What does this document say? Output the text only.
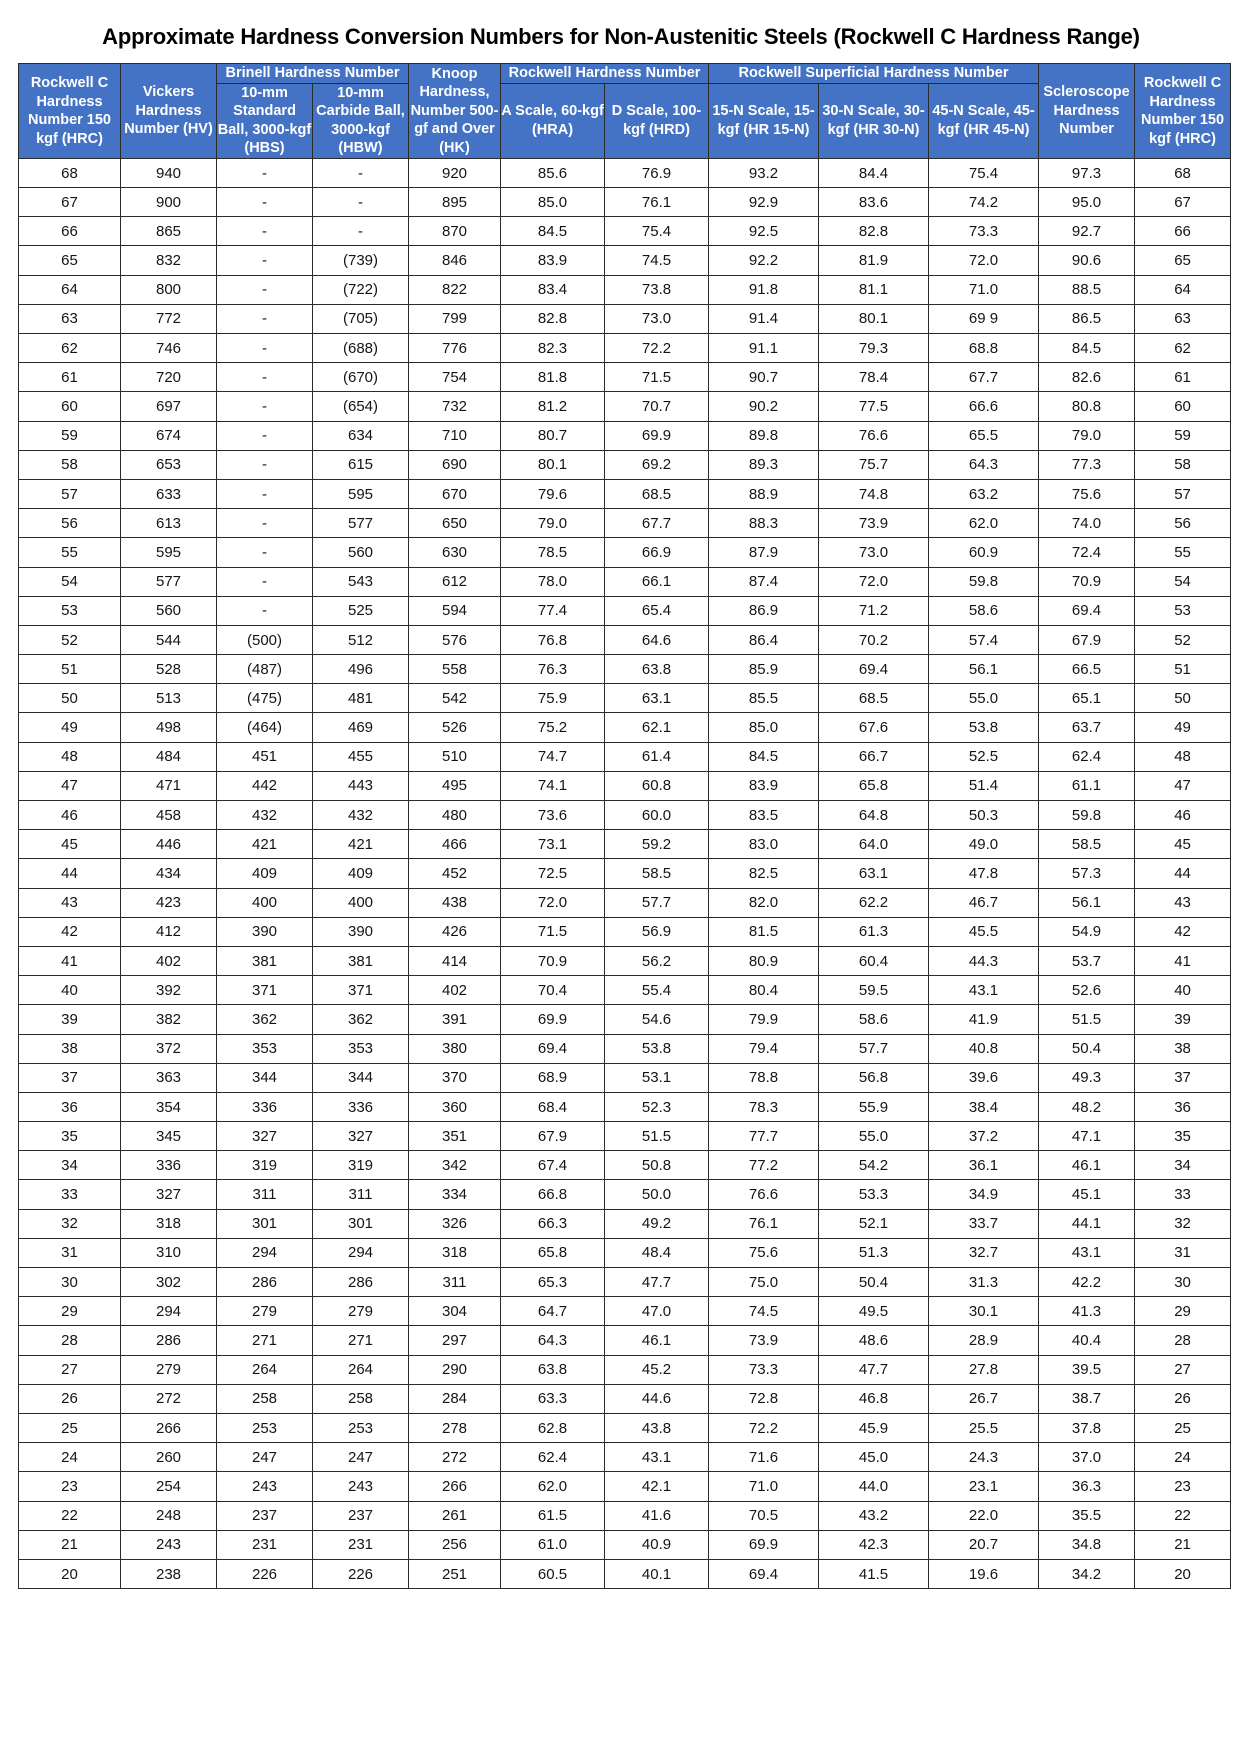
Approximate Hardness Conversion Numbers for Non-Austenitic Steels (Rockwell C Hardness Range)
Rockwell C Hardness Number 150 kgf (HRC)	Vickers Hardness Number (HV)	Brinell Hardness Number		Knoop Hardness, Number 500-gf and Over (HK)	Rockwell Hardness Number		Rockwell Superficial Hardness Number			Scleroscope Hardness Number	Rockwell C Hardness Number 150 kgf (HRC)
		10-mm Standard Ball, 3000-kgf (HBS)	10-mm Carbide Ball, 3000-kgf (HBW)		A Scale, 60-kgf (HRA)	D Scale, 100-kgf (HRD)	15-N Scale, 15-kgf (HR 15-N)	30-N Scale, 30-kgf (HR 30-N)	45-N Scale, 45-kgf (HR 45-N)		
68	940	-	-	920	85.6	76.9	93.2	84.4	75.4	97.3	68
67	900	-	-	895	85.0	76.1	92.9	83.6	74.2	95.0	67
66	865	-	-	870	84.5	75.4	92.5	82.8	73.3	92.7	66
65	832	-	(739)	846	83.9	74.5	92.2	81.9	72.0	90.6	65
64	800	-	(722)	822	83.4	73.8	91.8	81.1	71.0	88.5	64
63	772	-	(705)	799	82.8	73.0	91.4	80.1	69 9	86.5	63
62	746	-	(688)	776	82.3	72.2	91.1	79.3	68.8	84.5	62
61	720	-	(670)	754	81.8	71.5	90.7	78.4	67.7	82.6	61
60	697	-	(654)	732	81.2	70.7	90.2	77.5	66.6	80.8	60
59	674	-	634	710	80.7	69.9	89.8	76.6	65.5	79.0	59
58	653	-	615	690	80.1	69.2	89.3	75.7	64.3	77.3	58
57	633	-	595	670	79.6	68.5	88.9	74.8	63.2	75.6	57
56	613	-	577	650	79.0	67.7	88.3	73.9	62.0	74.0	56
55	595	-	560	630	78.5	66.9	87.9	73.0	60.9	72.4	55
54	577	-	543	612	78.0	66.1	87.4	72.0	59.8	70.9	54
53	560	-	525	594	77.4	65.4	86.9	71.2	58.6	69.4	53
52	544	(500)	512	576	76.8	64.6	86.4	70.2	57.4	67.9	52
51	528	(487)	496	558	76.3	63.8	85.9	69.4	56.1	66.5	51
50	513	(475)	481	542	75.9	63.1	85.5	68.5	55.0	65.1	50
49	498	(464)	469	526	75.2	62.1	85.0	67.6	53.8	63.7	49
48	484	451	455	510	74.7	61.4	84.5	66.7	52.5	62.4	48
47	471	442	443	495	74.1	60.8	83.9	65.8	51.4	61.1	47
46	458	432	432	480	73.6	60.0	83.5	64.8	50.3	59.8	46
45	446	421	421	466	73.1	59.2	83.0	64.0	49.0	58.5	45
44	434	409	409	452	72.5	58.5	82.5	63.1	47.8	57.3	44
43	423	400	400	438	72.0	57.7	82.0	62.2	46.7	56.1	43
42	412	390	390	426	71.5	56.9	81.5	61.3	45.5	54.9	42
41	402	381	381	414	70.9	56.2	80.9	60.4	44.3	53.7	41
40	392	371	371	402	70.4	55.4	80.4	59.5	43.1	52.6	40
39	382	362	362	391	69.9	54.6	79.9	58.6	41.9	51.5	39
38	372	353	353	380	69.4	53.8	79.4	57.7	40.8	50.4	38
37	363	344	344	370	68.9	53.1	78.8	56.8	39.6	49.3	37
36	354	336	336	360	68.4	52.3	78.3	55.9	38.4	48.2	36
35	345	327	327	351	67.9	51.5	77.7	55.0	37.2	47.1	35
34	336	319	319	342	67.4	50.8	77.2	54.2	36.1	46.1	34
33	327	311	311	334	66.8	50.0	76.6	53.3	34.9	45.1	33
32	318	301	301	326	66.3	49.2	76.1	52.1	33.7	44.1	32
31	310	294	294	318	65.8	48.4	75.6	51.3	32.7	43.1	31
30	302	286	286	311	65.3	47.7	75.0	50.4	31.3	42.2	30
29	294	279	279	304	64.7	47.0	74.5	49.5	30.1	41.3	29
28	286	271	271	297	64.3	46.1	73.9	48.6	28.9	40.4	28
27	279	264	264	290	63.8	45.2	73.3	47.7	27.8	39.5	27
26	272	258	258	284	63.3	44.6	72.8	46.8	26.7	38.7	26
25	266	253	253	278	62.8	43.8	72.2	45.9	25.5	37.8	25
24	260	247	247	272	62.4	43.1	71.6	45.0	24.3	37.0	24
23	254	243	243	266	62.0	42.1	71.0	44.0	23.1	36.3	23
22	248	237	237	261	61.5	41.6	70.5	43.2	22.0	35.5	22
21	243	231	231	256	61.0	40.9	69.9	42.3	20.7	34.8	21
20	238	226	226	251	60.5	40.1	69.4	41.5	19.6	34.2	20
